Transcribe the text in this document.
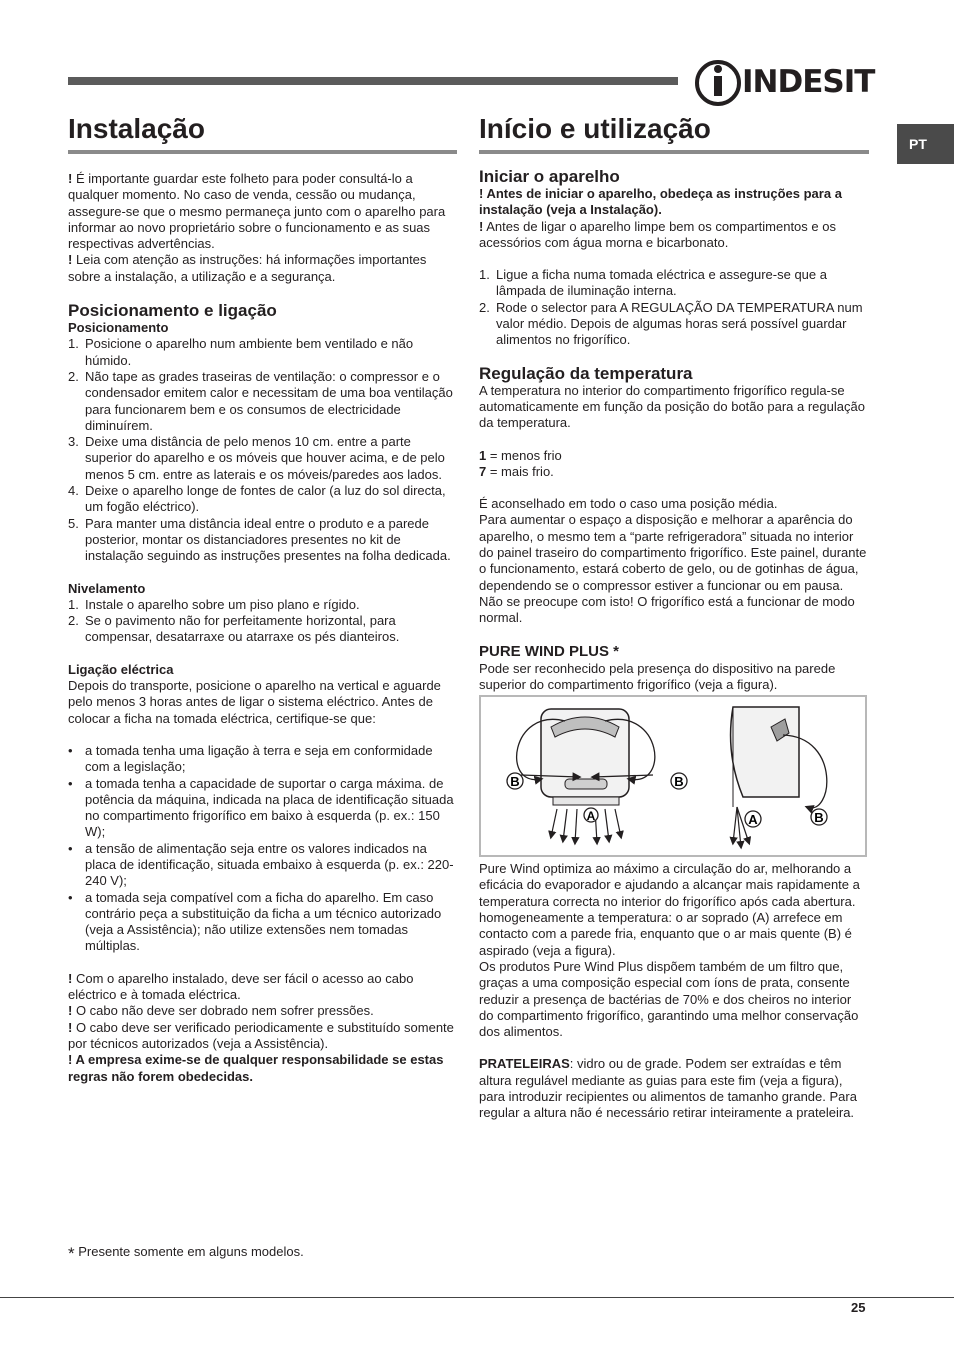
INDESIT
PT
Instalação

! É importante guardar este folheto para poder consultá-lo a qualquer momento. No caso de venda, cessão ou mudança, assegure-se que o mesmo permaneça junto com o aparelho para informar ao novo proprietário sobre o funcionamento e as suas respectivas advertências.

! Leia com atenção as instruções: há informações importantes sobre a instalação, a utilização e a segurança.

Posicionamento e ligação

Posicionamento

1. Posicione o aparelho num ambiente bem ventilado e não húmido.
2. Não tape as grades traseiras de ventilação: o compressor e o condensador emitem calor e necessitam de uma boa ventilação para funcionarem bem e os consumos de electricidade diminuírem.
3. Deixe uma distância de pelo menos 10 cm. entre a parte superior do aparelho e os móveis que houver acima, e de pelo menos 5 cm. entre as laterais e os móveis/paredes aos lados.
4. Deixe o aparelho longe de fontes de calor (a luz do sol directa, um fogão eléctrico).
5. Para manter uma distância ideal entre o produto e a parede posterior, montar os distanciadores presentes no kit de instalação seguindo as instruções presentes na folha dedicada.

Nivelamento

1. Instale o aparelho sobre um piso plano e rígido.
2. Se o pavimento não for perfeitamente horizontal, para compensar, desatarraxe ou atarraxe os pés dianteiros.

Ligação eléctrica

Depois do transporte, posicione o aparelho na vertical e aguarde pelo menos 3 horas antes de ligar o sistema eléctrico. Antes de colocar a ficha na tomada eléctrica, certifique-se que:

• a tomada tenha uma ligação à terra e seja em conformidade com a legislação;
• a tomada tenha a capacidade de suportar o carga máxima. de potência da máquina, indicada na placa de identificação situada no compartimento frigorífico em baixo à esquerda (p. ex.: 150 W);
• a tensão de alimentação seja entre os valores indicados na placa de identificação, situada embaixo à esquerda (p. ex.: 220-240 V);
• a tomada seja compatível com a ficha do aparelho. Em caso contrário peça a substituição da ficha a um técnico autorizado (veja a Assistência); não utilize extensões nem tomadas múltiplas.

! Com o aparelho instalado, deve ser fácil o acesso ao cabo eléctrico e à tomada eléctrica.

! O cabo não deve ser dobrado nem sofrer pressões.

! O cabo deve ser verificado periodicamente e substituído somente por técnicos autorizados (veja a Assistência).

! A empresa exime-se de qualquer responsabilidade se estas regras não forem obedecidas.

Início e utilização
Iniciar o aparelho

! Antes de iniciar o aparelho, obedeça as instruções para a instalação (veja a Instalação).

! Antes de ligar o aparelho limpe bem os compartimentos e os acessórios com água morna e bicarbonato.

1. Ligue a ficha numa tomada eléctrica e assegure-se que a lâmpada de iluminação interna.
2. Rode o selector para A REGULAÇÃO DA TEMPERATURA num valor médio. Depois de algumas horas será possível guardar alimentos no frigorífico.
Regulação da temperatura

A temperatura no interior do compartimento frigorífico regula-se automaticamente em função da posição do botão para a regulação da temperatura.

1 = menos frio

7 = mais frio.

É aconselhado em todo o caso uma posição média.

Para aumentar o espaço a disposição e melhorar a aparência do aparelho, o mesmo tem a “parte refrigeradora” situada no interior do painel traseiro do compartimento frigorífico. Este painel, durante o funcionamento, estará coberto de gelo, ou de gotinhas de água, dependendo se o compressor estiver a funcionar ou em pausa. Não se preocupe com isto! O frigorífico está a funcionar de modo normal.

PURE WIND PLUS *

Pode ser reconhecido pela presença do dispositivo na parede superior do compartimento frigorífico (veja a figura).

B	B
A	A	B

Pure Wind optimiza ao máximo a circulação do ar, melhorando a eficácia do evaporador e ajudando a alcançar mais rapidamente a temperatura correcta no interior do frigorífico após cada abertura. homogeneamente a temperatura: o ar soprado (A) arrefece em contacto com a parede fria, enquanto que o ar mais quente (B) é aspirado (veja a figura).

Os produtos Pure Wind Plus dispõem também de um filtro que, graças a uma composição especial com íons de prata, consente reduzir a presença de bactérias de 70% e dos cheiros no interior do compartimento frigorífico, garantindo uma melhor conservação dos alimentos.

PRATELEIRAS: vidro ou de grade. Podem ser extraídas e têm altura regulável mediante as guias para este fim (veja a figura), para introduzir recipientes ou alimentos de tamanho grande. Para regular a altura não é necessário retirar inteiramente a prateleira.

* Presente somente em alguns modelos.
25
